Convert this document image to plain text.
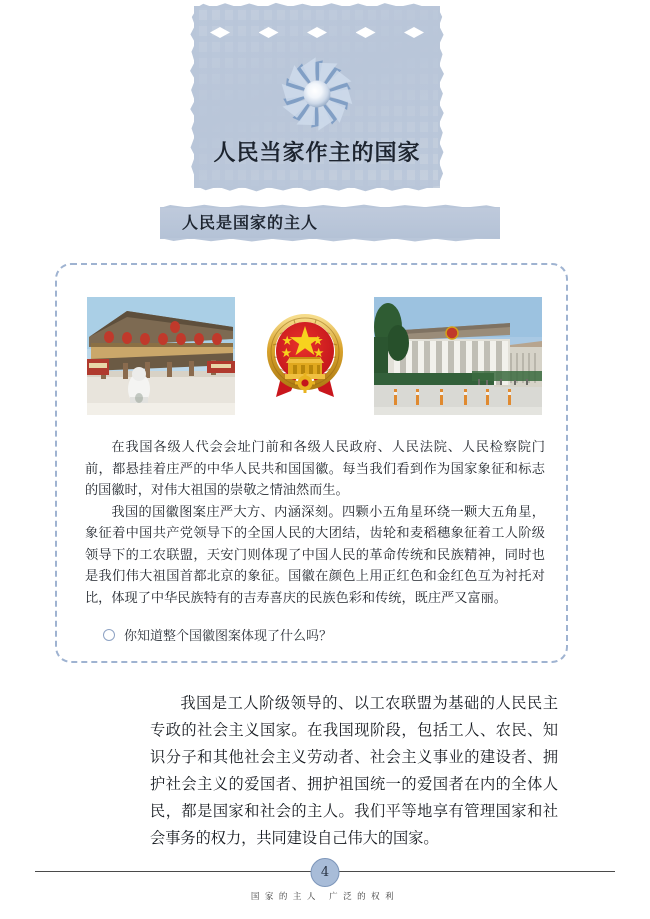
人民当家作主的国家
人民是国家的主人

在我国各级人代会会址门前和各级人民政府、人民法院、人民检察院门前，都悬挂着庄严的中华人民共和国国徽。每当我们看到作为国家象征和标志的国徽时，对伟大祖国的崇敬之情油然而生。

我国的国徽图案庄严大方、内涵深刻。四颗小五角星环绕一颗大五角星，象征着中国共产党领导下的全国人民的大团结，齿轮和麦稻穗象征着工人阶级领导下的工农联盟，天安门则体现了中国人民的革命传统和民族精神，同时也是我们伟大祖国首都北京的象征。国徽在颜色上用正红色和金红色互为衬托对比，体现了中华民族特有的吉寿喜庆的民族色彩和传统，既庄严又富丽。

你知道整个国徽图案体现了什么吗？

我国是工人阶级领导的、以工农联盟为基础的人民民主专政的社会主义国家。在我国现阶段，包括工人、农民、知识分子和其他社会主义劳动者、社会主义事业的建设者、拥护社会主义的爱国者、拥护祖国统一的爱国者在内的全体人民，都是国家和社会的主人。我们平等地享有管理国家和社会事务的权力，共同建设自己伟大的国家。

4
国家的主人 广泛的权利
